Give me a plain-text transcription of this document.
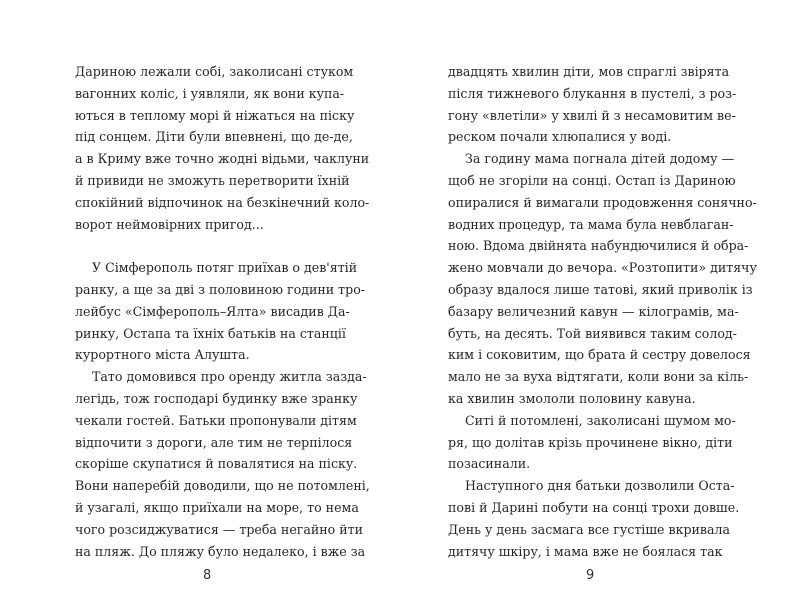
Дариною лежали собі, заколисані стуком
вагонних коліс, і уявляли, як вони купа-
ються в теплому морі й ніжаться на піску
під сонцем. Діти були впевнені, що де-де,
а в Криму вже точно жодні відьми, чаклуни
й привиди не зможуть перетворити їхній
спокійний відпочинок на безкінечний коло-
ворот неймовірних пригод...
У Сімферополь потяг приїхав о дев'ятій
ранку, а ще за дві з половиною години тро-
лейбус «Сімферополь–Ялта» висадив Да-
ринку, Остапа та їхніх батьків на станції
курортного міста Алушта.
Тато домовився про оренду житла зазда-
легідь, тож господарі будинку вже зранку
чекали гостей. Батьки пропонували дітям
відпочити з дороги, але тим не терпілося
скоріше скупатися й повалятися на піску.
Вони наперебій доводили, що не потомлені,
й узагалі, якщо приїхали на море, то нема
чого розсиджуватися — треба негайно йти
на пляж. До пляжу було недалеко, і вже за
двадцять хвилин діти, мов спраглі звірята
після тижневого блукання в пустелі, з роз-
гону «влетіли» у хвилі й з несамовитим ве-
реском почали хлюпалися у воді.
За годину мама погнала дітей додому —
щоб не згоріли на сонці. Остап із Дариною
опиралися й вимагали продовження сонячно-
водних процедур, та мама була невблаган-
ною. Вдома двійнята набундючилися й обра-
жено мовчали до вечора. «Розтопити» дитячу
образу вдалося лише татові, який приволік із
базару величезний кавун — кілограмів, ма-
буть, на десять. Той виявився таким солод-
ким і соковитим, що брата й сестру довелося
мало не за вуха відтягати, коли вони за кіль-
ка хвилин змололи половину кавуна.
Ситі й потомлені, заколисані шумом мо-
ря, що долітав крізь прочинене вікно, діти
позасинали.
Наступного дня батьки дозволили Оста-
пові й Дарині побути на сонці трохи довше.
День у день засмага все густіше вкривала
дитячу шкіру, і мама вже не боялася так
8	9
